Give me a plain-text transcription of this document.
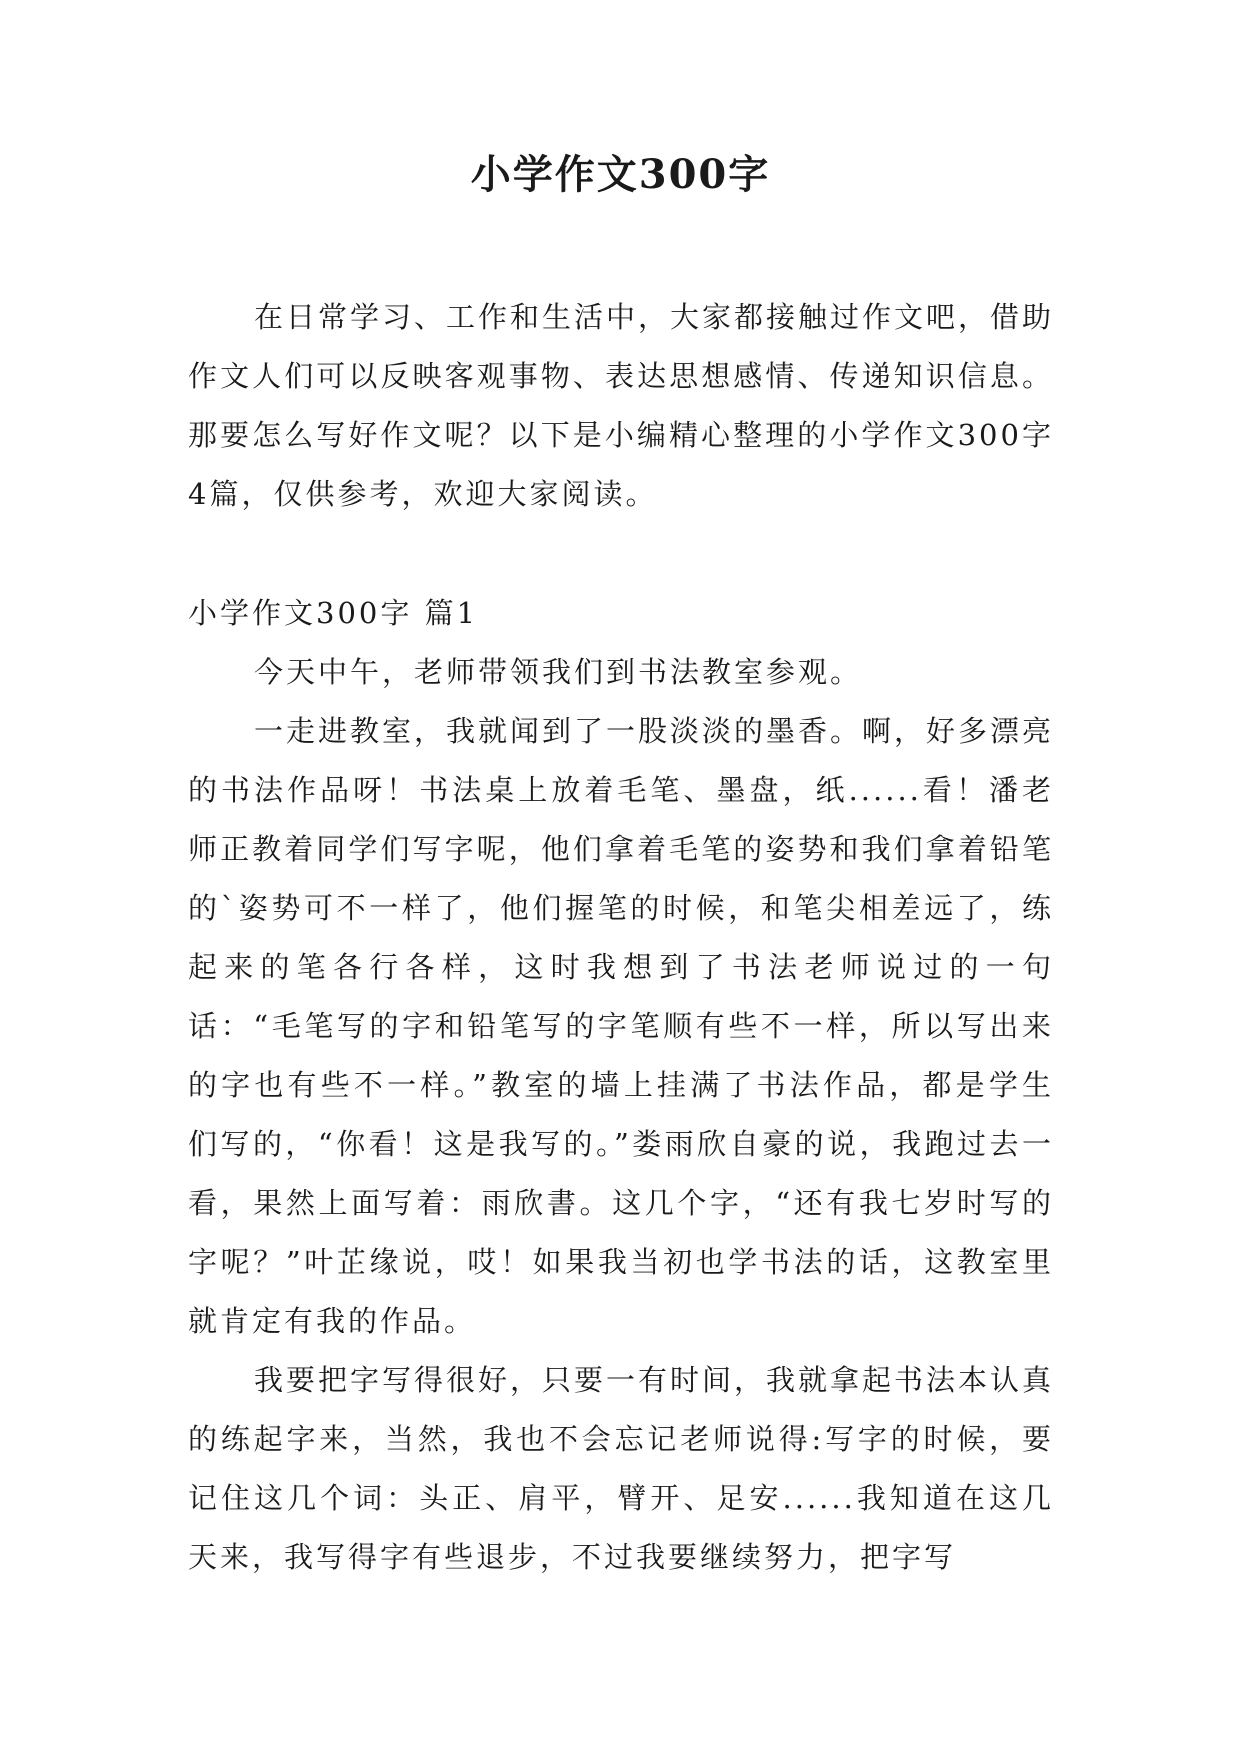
小学作文300字

在日常学习、工作和生活中，大家都接触过作文吧，借助作文人们可以反映客观事物、表达思想感情、传递知识信息。那要怎么写好作文呢？以下是小编精心整理的小学作文300字4篇，仅供参考，欢迎大家阅读。

小学作文300字 篇1

今天中午，老师带领我们到书法教室参观。

一走进教室，我就闻到了一股淡淡的墨香。啊，好多漂亮的书法作品呀！书法桌上放着毛笔、墨盘，纸......看！潘老师正教着同学们写字呢，他们拿着毛笔的姿势和我们拿着铅笔的`姿势可不一样了，他们握笔的时候，和笔尖相差远了，练起来的笔各行各样，这时我想到了书法老师说过的一句话：“毛笔写的字和铅笔写的字笔顺有些不一样，所以写出来的字也有些不一样。”教室的墙上挂满了书法作品，都是学生们写的，“你看！这是我写的。”娄雨欣自豪的说，我跑过去一看，果然上面写着：雨欣書。这几个字，“还有我七岁时写的字呢？”叶芷缘说，哎！如果我当初也学书法的话，这教室里就肯定有我的作品。

我要把字写得很好，只要一有时间，我就拿起书法本认真的练起字来，当然，我也不会忘记老师说得:写字的时候，要记住这几个词：头正、肩平，臂开、足安......我知道在这几天来，我写得字有些退步，不过我要继续努力，把字写
